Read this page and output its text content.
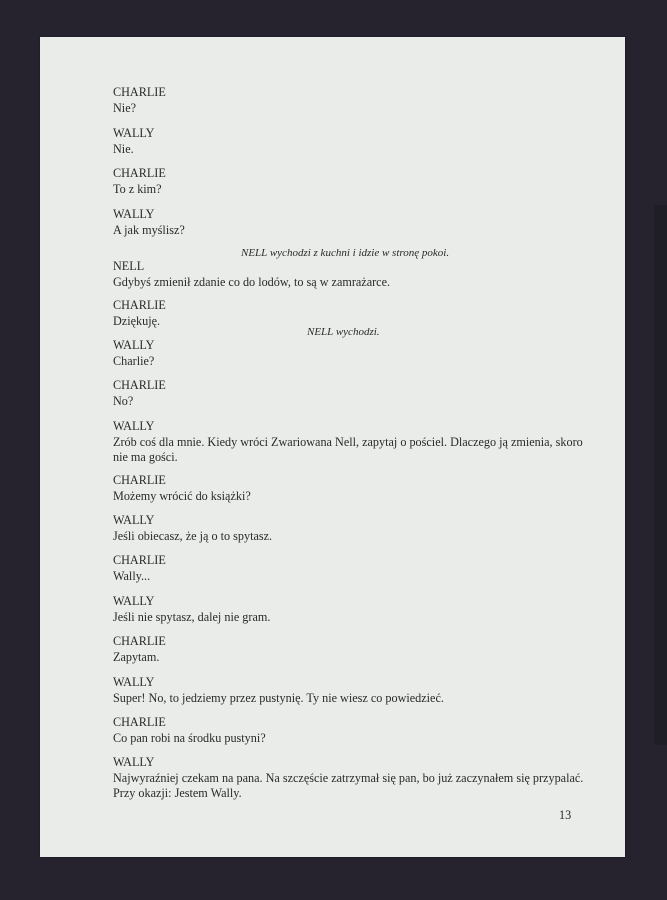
CHARLIE
Nie?
WALLY
Nie.
CHARLIE
To z kim?
WALLY
A jak myślisz?
NELL wychodzi z kuchni i idzie w stronę pokoi.
NELL
Gdybyś zmienił zdanie co do lodów, to są w zamrażarce.
CHARLIE
Dziękuję.
NELL wychodzi.
WALLY
Charlie?
CHARLIE
No?
WALLY
Zrób coś dla mnie. Kiedy wróci Zwariowana Nell, zapytaj o pościel. Dlaczego ją zmienia, skoro
nie ma gości.
CHARLIE
Możemy wrócić do książki?
WALLY
Jeśli obiecasz, że ją o to spytasz.
CHARLIE
Wally...
WALLY
Jeśli nie spytasz, dalej nie gram.
CHARLIE
Zapytam.
WALLY
Super! No, to jedziemy przez pustynię. Ty nie wiesz co powiedzieć.
CHARLIE
Co pan robi na środku pustyni?
WALLY
Najwyraźniej czekam na pana. Na szczęście zatrzymał się pan, bo już zaczynałem się przypalać.
Przy okazji: Jestem Wally.
13
